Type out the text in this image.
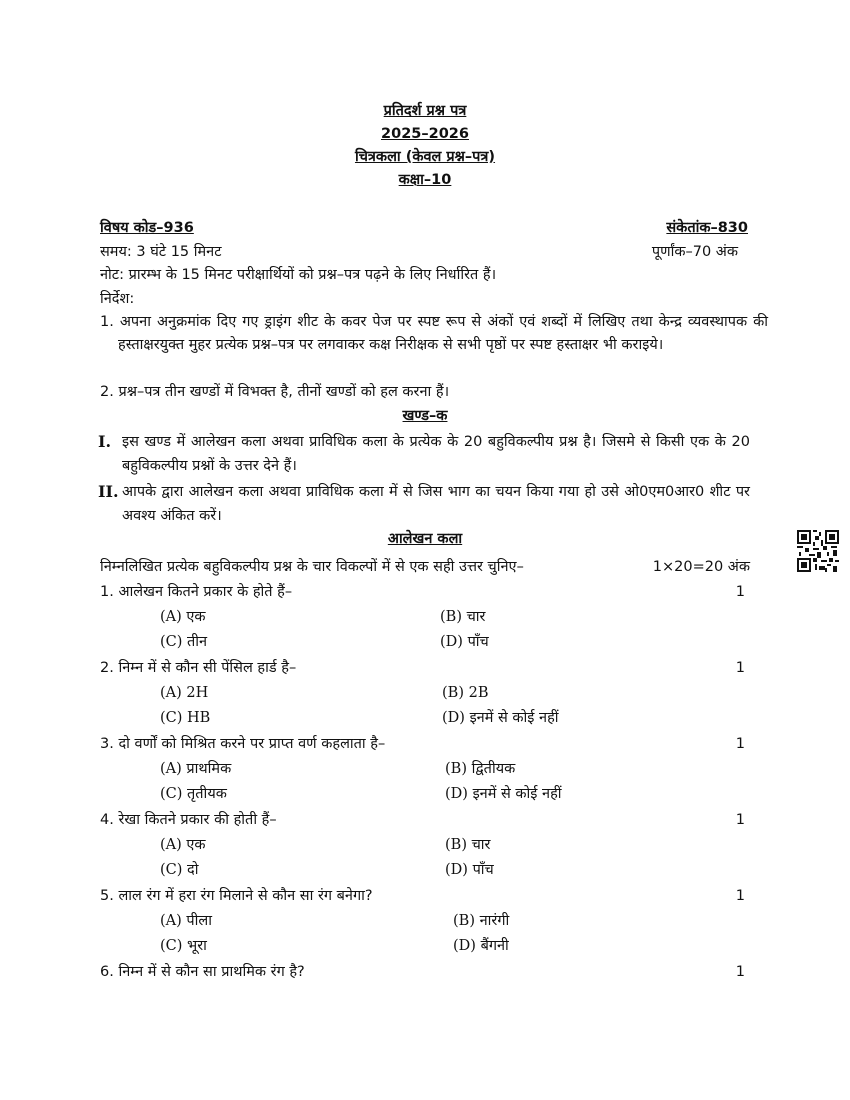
प्रतिदर्श प्रश्न पत्र
2025–2026
चित्रकला (केवल प्रश्न–पत्र)
कक्षा–10
विषय कोड–936	संकेतांक–830
समय: 3 घंटे 15 मिनट	पूर्णांक–70 अंक
नोट: प्रारम्भ के 15 मिनट परीक्षार्थियों को प्रश्न–पत्र पढ़ने के लिए निर्धारित हैं।
निर्देश:
1. अपना अनुक्रमांक दिए गए ड्राइंग शीट के कवर पेज पर स्पष्ट रूप से अंकों एवं शब्दों में लिखिए तथा केन्द्र व्यवस्थापक की हस्ताक्षरयुक्त मुहर प्रत्येक प्रश्न–पत्र पर लगवाकर कक्ष निरीक्षक से सभी पृष्ठों पर स्पष्ट हस्ताक्षर भी कराइये।
2. प्रश्न–पत्र तीन खण्डों में विभक्त है, तीनों खण्डों को हल करना हैं।
खण्ड–क
I. इस खण्ड में आलेखन कला अथवा प्राविधिक कला के प्रत्येक के 20 बहुविकल्पीय प्रश्न है। जिसमे से किसी एक के 20 बहुविकल्पीय प्रश्नों के उत्तर देने हैं।
II. आपके द्वारा आलेखन कला अथवा प्राविधिक कला में से जिस भाग का चयन किया गया हो उसे ओ0एम0आर0 शीट पर अवश्य अंकित करें।
आलेखन कला
निम्नलिखित प्रत्येक बहुविकल्पीय प्रश्न के चार विकल्पों में से एक सही उत्तर चुनिए–	1×20=20 अंक
1. आलेखन कितने प्रकार के होते हैं–	1
(A) एक	(B) चार
(C) तीन	(D) पाँच
2. निम्न में से कौन सी पेंसिल हार्ड है–	1
(A) 2H	(B) 2B
(C) HB	(D) इनमें से कोई नहीं
3. दो वर्णों को मिश्रित करने पर प्राप्त वर्ण कहलाता है–	1
(A) प्राथमिक	(B) द्वितीयक
(C) तृतीयक	(D) इनमें से कोई नहीं
4. रेखा कितने प्रकार की होती हैं–	1
(A) एक	(B) चार
(C) दो	(D) पाँच
5. लाल रंग में हरा रंग मिलाने से कौन सा रंग बनेगा?	1
(A) पीला	(B) नारंगी
(C) भूरा	(D) बैंगनी
6. निम्न में से कौन सा प्राथमिक रंग है?	1
